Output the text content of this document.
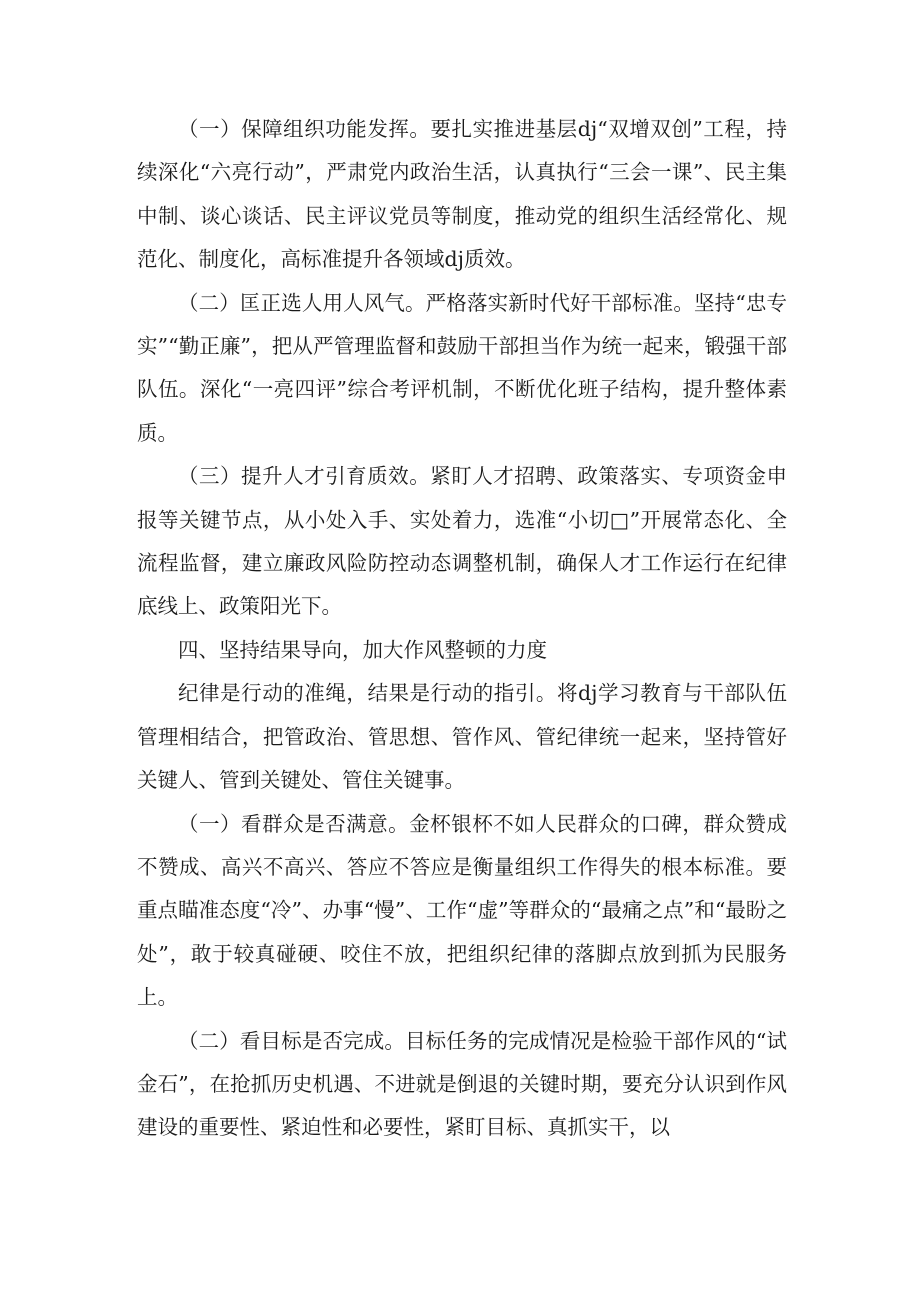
（一）保障组织功能发挥。要扎实推进基层dj“双增双创”工程，持续深化“六亮行动”，严肃党内政治生活，认真执行“三会一课”、民主集中制、谈心谈话、民主评议党员等制度，推动党的组织生活经常化、规范化、制度化，高标准提升各领域dj质效。

（二）匡正选人用人风气。严格落实新时代好干部标准。坚持“忠专实”“勤正廉”，把从严管理监督和鼓励干部担当作为统一起来，锻强干部队伍。深化“一亮四评”综合考评机制，不断优化班子结构，提升整体素质。

（三）提升人才引育质效。紧盯人才招聘、政策落实、专项资金申报等关键节点，从小处入手、实处着力，选准“小切□”开展常态化、全流程监督，建立廉政风险防控动态调整机制，确保人才工作运行在纪律底线上、政策阳光下。

四、坚持结果导向，加大作风整顿的力度

纪律是行动的准绳，结果是行动的指引。将dj学习教育与干部队伍管理相结合，把管政治、管思想、管作风、管纪律统一起来，坚持管好关键人、管到关键处、管住关键事。

（一）看群众是否满意。金杯银杯不如人民群众的口碑，群众赞成不赞成、高兴不高兴、答应不答应是衡量组织工作得失的根本标准。要重点瞄准态度“冷”、办事“慢”、工作“虚”等群众的“最痛之点”和“最盼之处”，敢于较真碰硬、咬住不放，把组织纪律的落脚点放到抓为民服务上。

（二）看目标是否完成。目标任务的完成情况是检验干部作风的“试金石”，在抢抓历史机遇、不进就是倒退的关键时期，要充分认识到作风建设的重要性、紧迫性和必要性，紧盯目标、真抓实干，以
